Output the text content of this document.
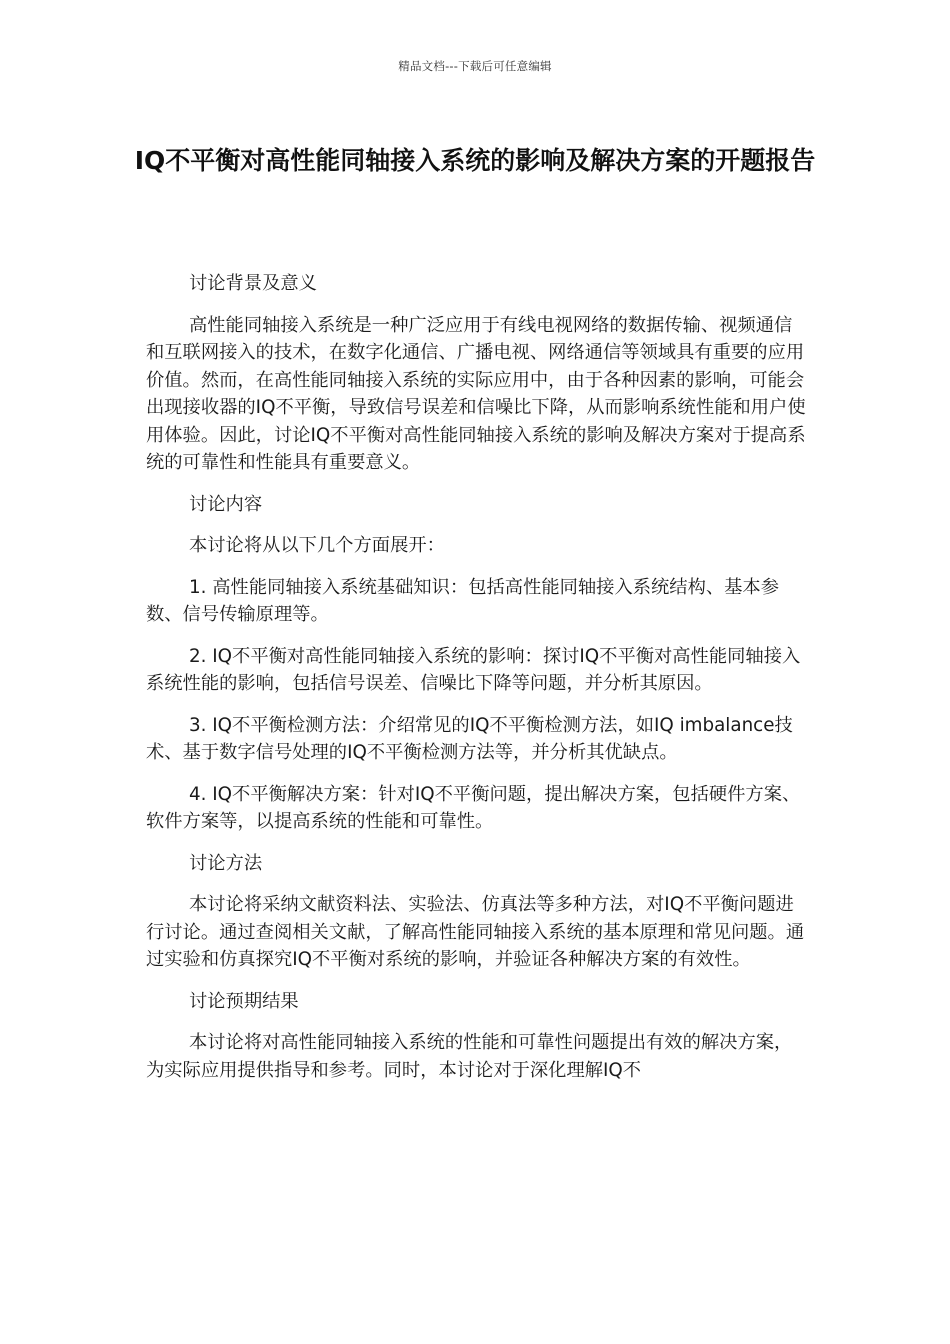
精品文档---下载后可任意编辑
IQ不平衡对高性能同轴接入系统的影响及解决方案的开题报告

讨论背景及意义

高性能同轴接入系统是一种广泛应用于有线电视网络的数据传输、视频通信和互联网接入的技术，在数字化通信、广播电视、网络通信等领域具有重要的应用价值。然而，在高性能同轴接入系统的实际应用中，由于各种因素的影响，可能会出现接收器的IQ不平衡，导致信号误差和信噪比下降，从而影响系统性能和用户使用体验。因此，讨论IQ不平衡对高性能同轴接入系统的影响及解决方案对于提高系统的可靠性和性能具有重要意义。

讨论内容

本讨论将从以下几个方面展开：

1. 高性能同轴接入系统基础知识：包括高性能同轴接入系统结构、基本参数、信号传输原理等。

2. IQ不平衡对高性能同轴接入系统的影响：探讨IQ不平衡对高性能同轴接入系统性能的影响，包括信号误差、信噪比下降等问题，并分析其原因。

3. IQ不平衡检测方法：介绍常见的IQ不平衡检测方法，如IQ imbalance技术、基于数字信号处理的IQ不平衡检测方法等，并分析其优缺点。

4. IQ不平衡解决方案：针对IQ不平衡问题，提出解决方案，包括硬件方案、软件方案等，以提高系统的性能和可靠性。

讨论方法

本讨论将采纳文献资料法、实验法、仿真法等多种方法，对IQ不平衡问题进行讨论。通过查阅相关文献，了解高性能同轴接入系统的基本原理和常见问题。通过实验和仿真探究IQ不平衡对系统的影响，并验证各种解决方案的有效性。

讨论预期结果

本讨论将对高性能同轴接入系统的性能和可靠性问题提出有效的解决方案，为实际应用提供指导和参考。同时，本讨论对于深化理解IQ不
